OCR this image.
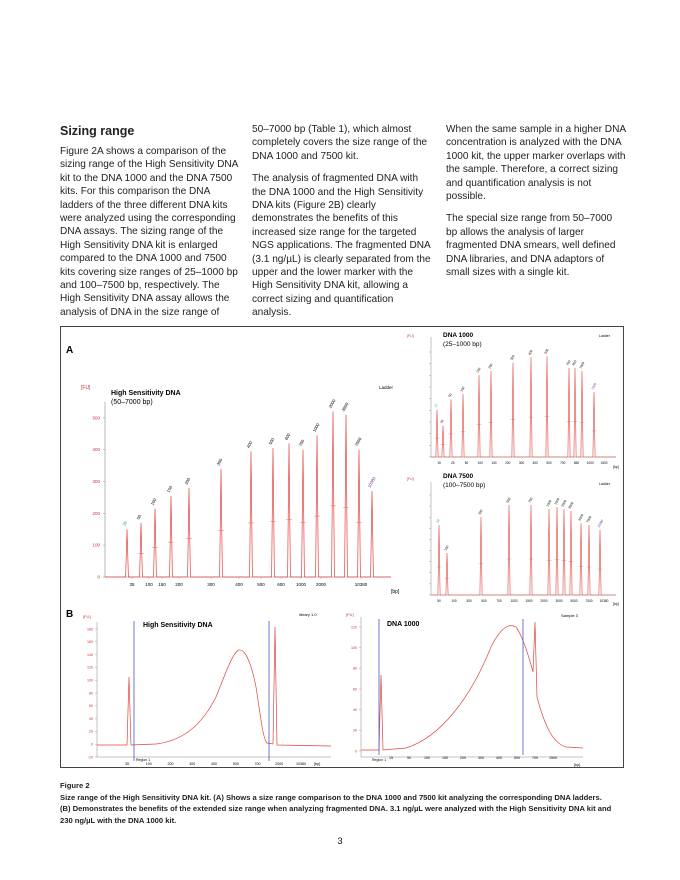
Sizing range

Figure 2A shows a comparison of the sizing range of the High Sensitivity DNA kit to the DNA 1000 and the DNA 7500 kits. For this comparison the DNA ladders of the three different DNA kits were analyzed using the corresponding DNA assays. The sizing range of the High Sensitivity DNA kit is enlarged compared to the DNA 1000 and 7500 kits covering size ranges of 25–1000 bp and 100–7500 bp, respectively. The High Sensitivity DNA assay allows the analysis of DNA in the size range of

50–7000 bp (Table 1), which almost completely covers the size range of the DNA 1000 and 7500 kit.

The analysis of fragmented DNA with the DNA 1000 and the High Sensitivity DNA kits (Figure 2B) clearly demonstrates the benefits of this increased size range for the targeted NGS applications. The fragmented DNA (3.1 ng/µL) is clearly separated from the upper and the lower marker with the High Sensitivity DNA kit, allowing a correct sizing and quantification analysis.

When the same sample in a higher DNA concentration is analyzed with the DNA 1000 kit, the upper marker overlaps with the sample. Therefore, a correct sizing and quantification analysis is not possible.

The special size range from 50–7000 bp allows the analysis of larger fragmented DNA smears, well defined DNA libraries, and DNA adaptors of small sizes with a single kit.

A
B
[FU]
High Sensitivity DNA
(50–7000 bp)
Ladder
[bp]
0
100
200
300
400
500
35
50
100
150
200
300
400	500
600
700
1000
2000 3000
7000
10380
35 100 150 200	300	400	500	600 1000 2000	10380
DNA 1000
(25–1000 bp)
Ladder
[FU]
[bp]
15
25
50
100
150
200
300
400	500
700 850 1000
1500
15	25	50	100	150	200	300	400	500	700	850 1000 1500
DNA 7500
(100–7500 bp)	Ladder
[FU]
[bp]
50
100
300
500	700	1000 1500 2000 3000
5000 7000 10380
50	100	300	500	700	1000 1500 2000 3000 5000 7000 10380
[FU]
High Sensitivity DNA
library 1.0
Region 1
[bp]
-20
0
20
40
60
80
100
120
140
160
180
35	100	200	300	400	500	700	2000	10380
[FU]
DNA 1000
Sample 3
Region 1
[bp]
0
20
40
60
80
100
120
15	50	100	150	200	300	400	500	700	1500
Figure 2
Size range of the High Sensitivity DNA kit. (A) Shows a size range comparison to the DNA 1000 and 7500 kit analyzing the corresponding DNA ladders.
(B) Demonstrates the benefits of the extended size range when analyzing fragmented DNA. 3.1 ng/µL were analyzed with the High Sensitivity DNA kit and
230 ng/µL with the DNA 1000 kit.
3
